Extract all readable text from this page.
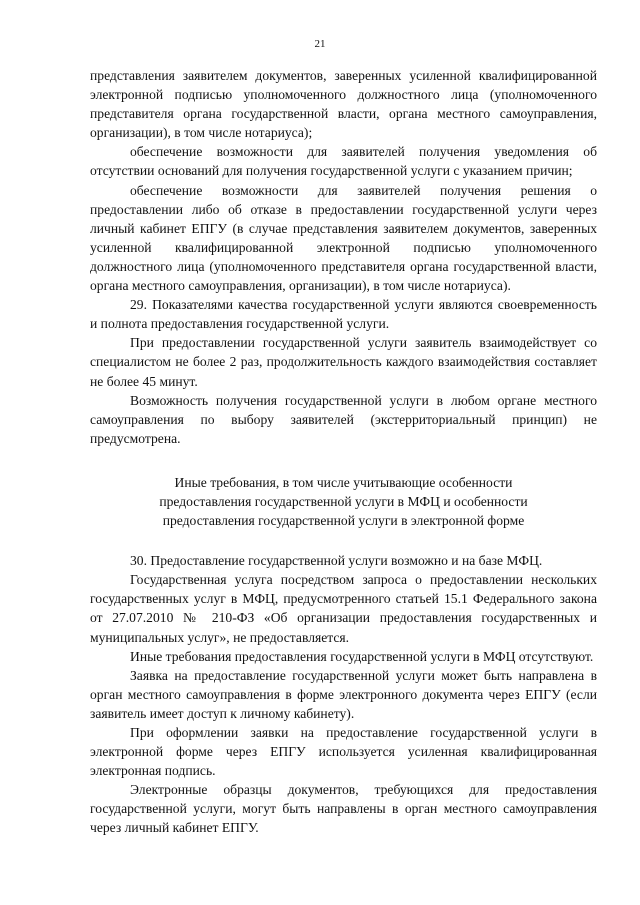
21

представления заявителем документов, заверенных усиленной квалифицированной электронной подписью уполномоченного должностного лица (уполномоченного представителя органа государственной власти, органа местного самоуправления, организации), в том числе нотариуса);

обеспечение возможности для заявителей получения уведомления об отсутствии оснований для получения государственной услуги с указанием причин;

обеспечение возможности для заявителей получения решения о предоставлении либо об отказе в предоставлении государственной услуги через личный кабинет ЕПГУ (в случае представления заявителем документов, заверенных усиленной квалифицированной электронной подписью уполномоченного должностного лица (уполномоченного представителя органа государственной власти, органа местного самоуправления, организации), в том числе нотариуса).

29. Показателями качества государственной услуги являются своевременность и полнота предоставления государственной услуги.

При предоставлении государственной услуги заявитель взаимодействует со специалистом не более 2 раз, продолжительность каждого взаимодействия составляет не более 45 минут.

Возможность получения государственной услуги в любом органе местного самоуправления по выбору заявителей (экстерриториальный принцип) не предусмотрена.

Иные требования, в том числе учитывающие особенности
предоставления государственной услуги в МФЦ и особенности
предоставления государственной услуги в электронной форме

30. Предоставление государственной услуги возможно и на базе МФЦ.

Государственная услуга посредством запроса о предоставлении нескольких государственных услуг в МФЦ, предусмотренного статьей 15.1 Федерального закона от 27.07.2010 № 210-ФЗ «Об организации предоставления государственных и муниципальных услуг», не предоставляется.

Иные требования предоставления государственной услуги в МФЦ отсутствуют.

Заявка на предоставление государственной услуги может быть направлена в орган местного самоуправления в форме электронного документа через ЕПГУ (если заявитель имеет доступ к личному кабинету).

При оформлении заявки на предоставление государственной услуги в электронной форме через ЕПГУ используется усиленная квалифицированная электронная подпись.

Электронные образцы документов, требующихся для предоставления государственной услуги, могут быть направлены в орган местного самоуправления через личный кабинет ЕПГУ.
